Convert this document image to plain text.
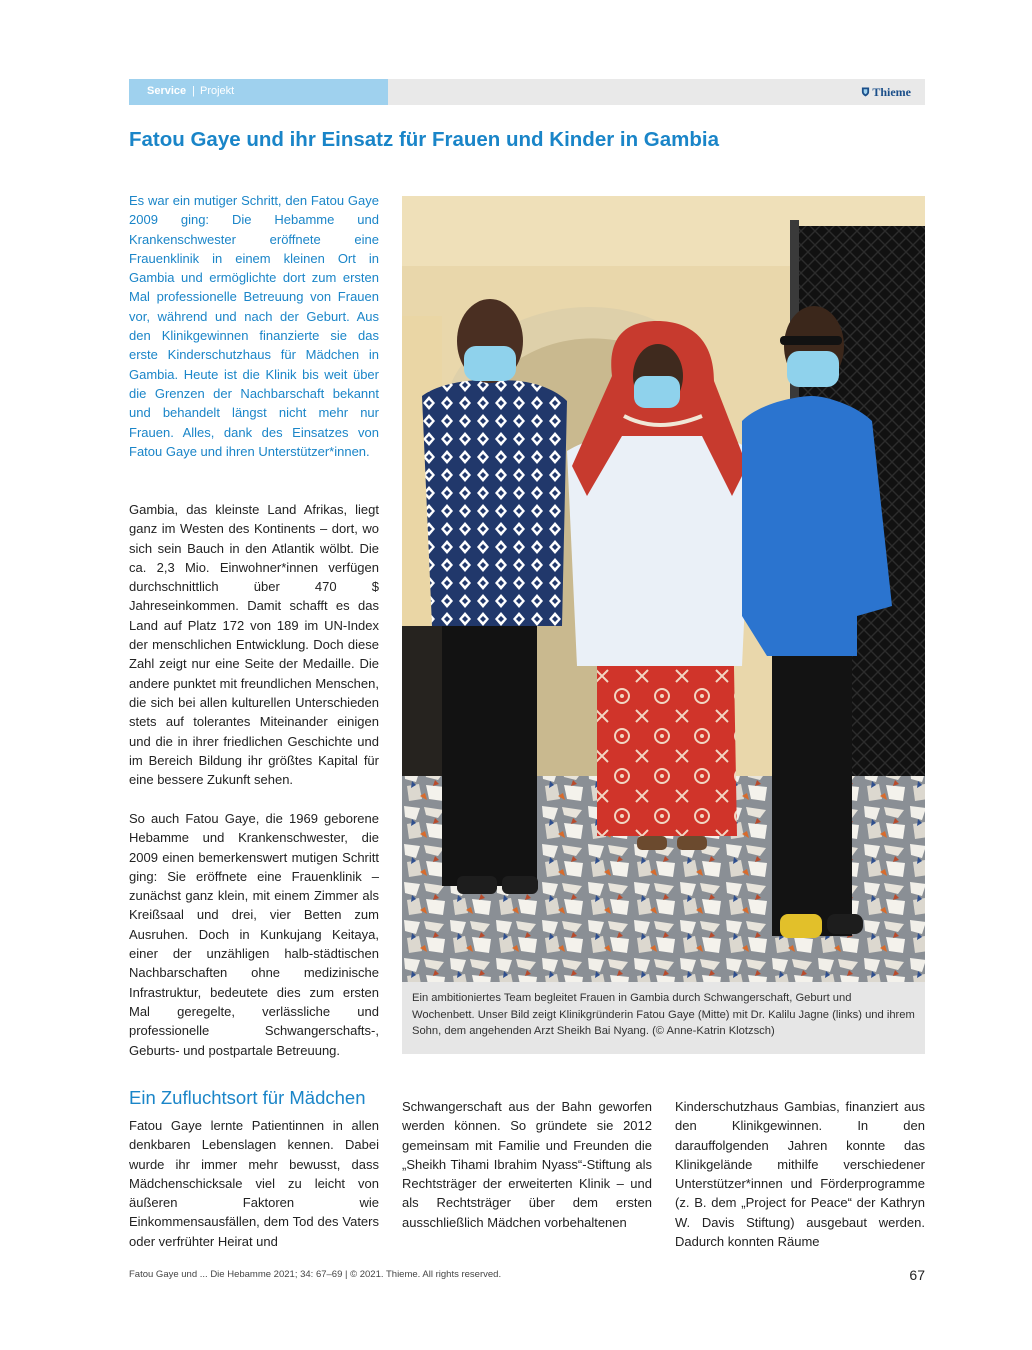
Service | Projekt	Thieme
Fatou Gaye und ihr Einsatz für Frauen und Kinder in Gambia

Es war ein mutiger Schritt, den Fatou Gaye 2009 ging: Die Hebamme und Krankenschwester eröffnete eine Frauenklinik in einem kleinen Ort in Gambia und ermöglichte dort zum ersten Mal professionelle Betreuung von Frauen vor, während und nach der Geburt. Aus den Klinikgewinnen finanzierte sie das erste Kinderschutzhaus für Mädchen in Gambia. Heute ist die Klinik bis weit über die Grenzen der Nachbarschaft bekannt und behandelt längst nicht mehr nur Frauen. Alles, dank des Einsatzes von Fatou Gaye und ihren Unterstützer*innen.

Gambia, das kleinste Land Afrikas, liegt ganz im Westen des Kontinents – dort, wo sich sein Bauch in den Atlantik wölbt. Die ca. 2,3 Mio. Einwohner*innen verfügen durchschnittlich über 470 $ Jahreseinkommen. Damit schafft es das Land auf Platz 172 von 189 im UN-Index der menschlichen Entwicklung. Doch diese Zahl zeigt nur eine Seite der Medaille. Die andere punktet mit freundlichen Menschen, die sich bei allen kulturellen Unterschieden stets auf tolerantes Miteinander einigen und die in ihrer friedlichen Geschichte und im Bereich Bildung ihr größtes Kapital für eine bessere Zukunft sehen.

So auch Fatou Gaye, die 1969 geborene Hebamme und Krankenschwester, die 2009 einen bemerkenswert mutigen Schritt ging: Sie eröffnete eine Frauenklinik – zunächst ganz klein, mit einem Zimmer als Kreißsaal und drei, vier Betten zum Ausruhen. Doch in Kunkujang Keitaya, einer der unzähligen halb-städtischen Nachbarschaften ohne medizinische Infrastruktur, bedeutete dies zum ersten Mal geregelte, verlässliche und professionelle Schwangerschafts-, Geburts- und postpartale Betreuung.

Ein ambitioniertes Team begleitet Frauen in Gambia durch Schwangerschaft, Geburt und Wochenbett. Unser Bild zeigt Klinikgründerin Fatou Gaye (Mitte) mit Dr. Kalilu Jagne (links) und ihrem Sohn, dem angehenden Arzt Sheikh Bai Nyang. (© Anne-Katrin Klotzsch)

Ein Zufluchtsort für Mädchen

Fatou Gaye lernte Patientinnen in allen denkbaren Lebenslagen kennen. Dabei wurde ihr immer mehr bewusst, dass Mädchenschicksale viel zu leicht von äußeren Faktoren wie Einkommensausfällen, dem Tod des Vaters oder verfrühter Heirat und

Schwangerschaft aus der Bahn geworfen werden können. So gründete sie 2012 gemeinsam mit Familie und Freunden die „Sheikh Tihami Ibrahim Nyass“-Stiftung als Rechtsträger der erweiterten Klinik – und als Rechtsträger über dem ersten ausschließlich Mädchen vorbehaltenen

Kinderschutzhaus Gambias, finanziert aus den Klinikgewinnen. In den darauffolgenden Jahren konnte das Klinikgelände mithilfe verschiedener Unterstützer*innen und Förderprogramme (z. B. dem „Project for Peace“ der Kathryn W. Davis Stiftung) ausgebaut werden. Dadurch konnten Räume

Fatou Gaye und ... Die Hebamme 2021; 34: 67–69 | © 2021. Thieme. All rights reserved.	67
